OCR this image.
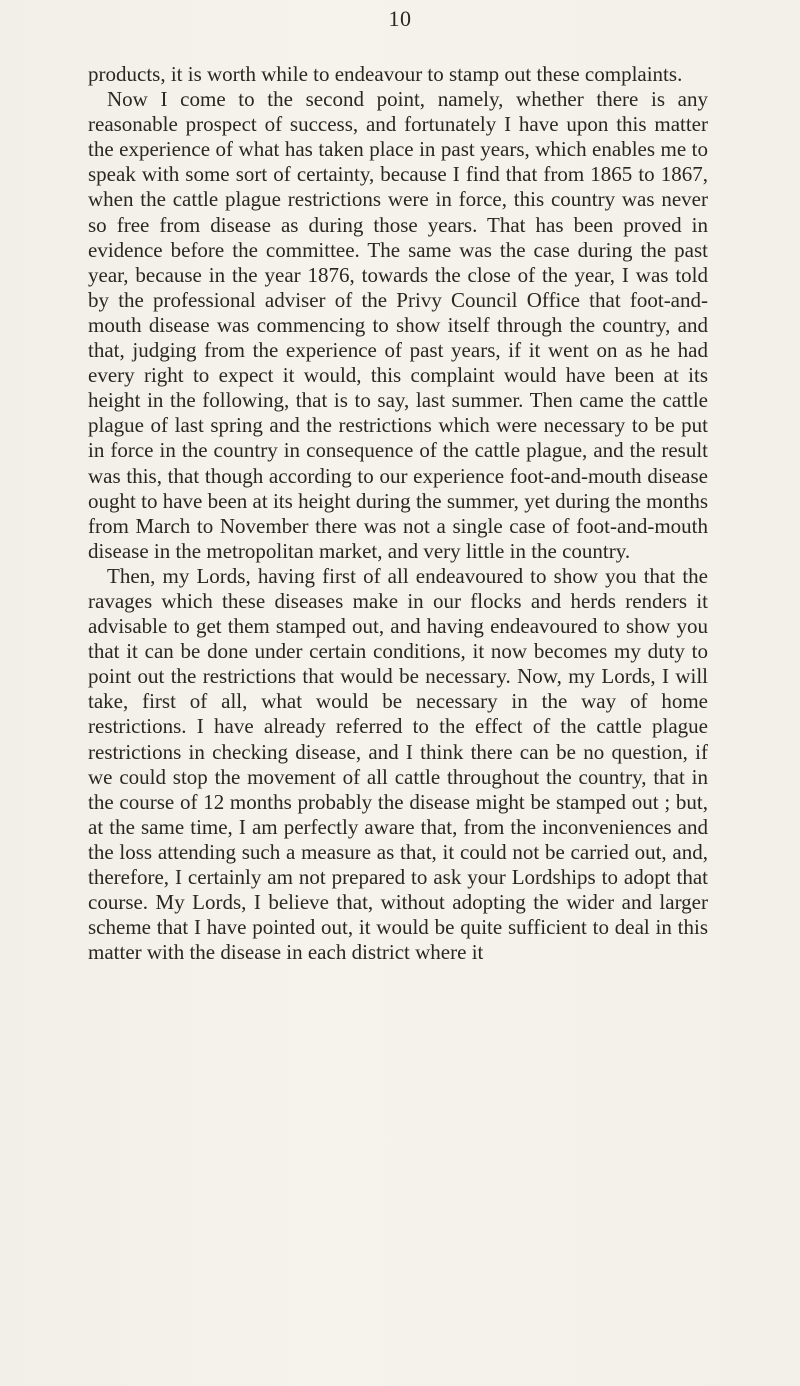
10

products, it is worth while to endeavour to stamp out these complaints.

Now I come to the second point, namely, whether there is any reasonable prospect of success, and fortunately I have upon this matter the experience of what has taken place in past years, which enables me to speak with some sort of certainty, because I find that from 1865 to 1867, when the cattle plague restrictions were in force, this country was never so free from disease as during those years. That has been proved in evidence before the committee. The same was the case during the past year, because in the year 1876, towards the close of the year, I was told by the professional adviser of the Privy Council Office that foot-and-mouth disease was commencing to show itself through the country, and that, judging from the experience of past years, if it went on as he had every right to expect it would, this complaint would have been at its height in the following, that is to say, last summer. Then came the cattle plague of last spring and the restrictions which were necessary to be put in force in the country in consequence of the cattle plague, and the result was this, that though according to our experience foot-and-mouth disease ought to have been at its height during the summer, yet during the months from March to November there was not a single case of foot-and-mouth disease in the metropolitan market, and very little in the country.

Then, my Lords, having first of all endeavoured to show you that the ravages which these diseases make in our flocks and herds renders it advisable to get them stamped out, and having endeavoured to show you that it can be done under certain conditions, it now becomes my duty to point out the restrictions that would be necessary. Now, my Lords, I will take, first of all, what would be necessary in the way of home restrictions. I have already referred to the effect of the cattle plague restrictions in checking disease, and I think there can be no question, if we could stop the movement of all cattle throughout the country, that in the course of 12 months probably the disease might be stamped out ; but, at the same time, I am perfectly aware that, from the inconveniences and the loss attending such a measure as that, it could not be carried out, and, therefore, I certainly am not prepared to ask your Lordships to adopt that course. My Lords, I believe that, without adopting the wider and larger scheme that I have pointed out, it would be quite sufficient to deal in this matter with the disease in each district where it
